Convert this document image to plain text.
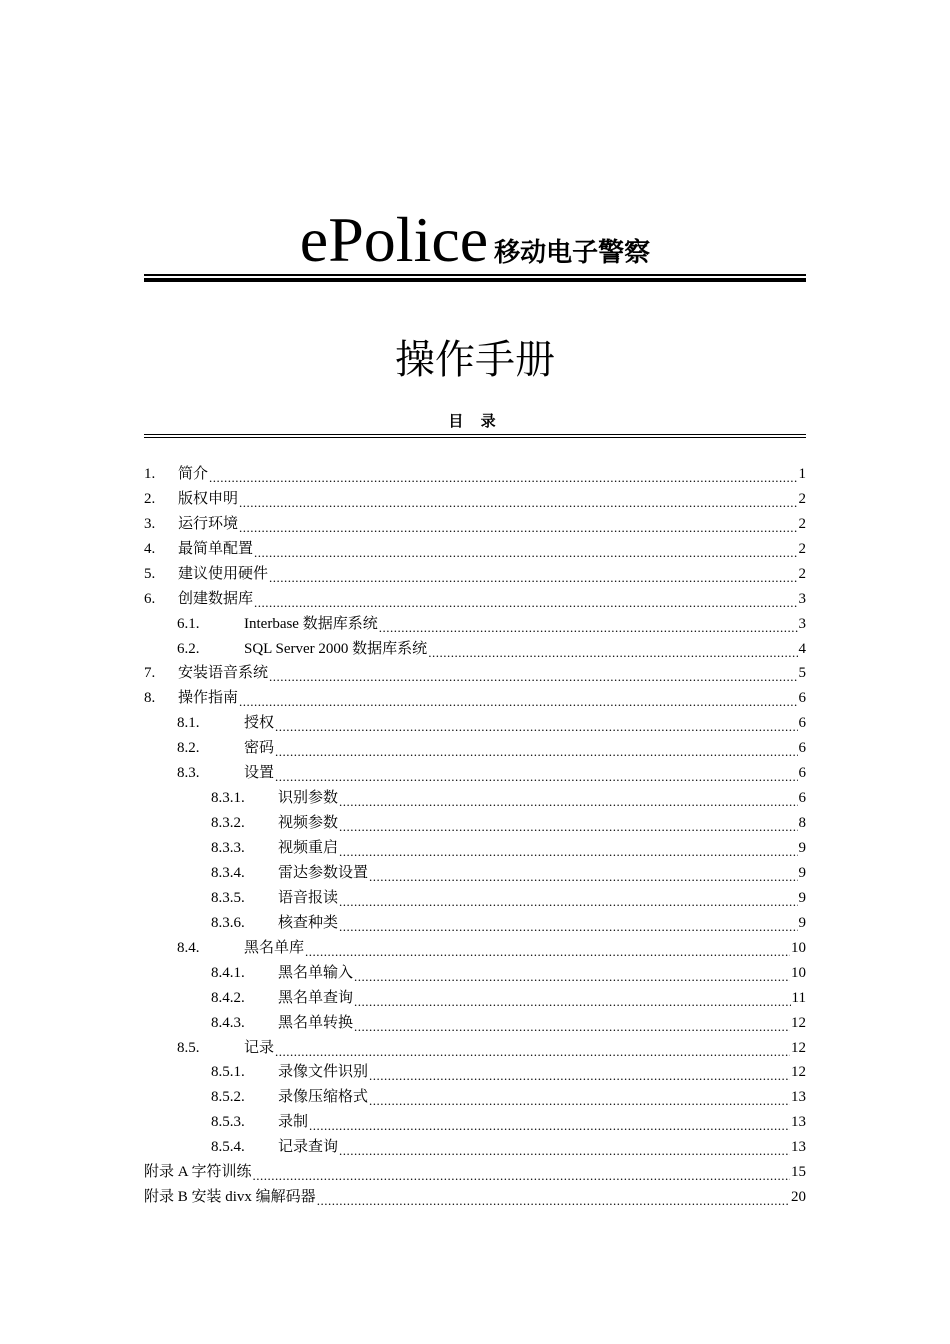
ePolice 移动电子警察
操作手册
目 录
1.	简介 .....	1
2.	版权申明 .....	2
3.	运行环境 .....	2
4.	最简单配置 .....	2
5.	建议使用硬件 .....	2
6.	创建数据库 .....	3
6.1.	Interbase 数据库系统 .....	3
6.2.	SQL Server 2000 数据库系统 .....	4
7.	安装语音系统 .....	5
8.	操作指南 .....	6
8.1.	授权 .....	6
8.2.	密码 .....	6
8.3.	设置 .....	6
8.3.1.	识别参数 .....	6
8.3.2.	视频参数 .....	8
8.3.3.	视频重启 .....	9
8.3.4.	雷达参数设置 .....	9
8.3.5.	语音报读 .....	9
8.3.6.	核查种类 .....	9
8.4.	黑名单库 .....	10
8.4.1.	黑名单输入 .....	10
8.4.2.	黑名单查询 .....	11
8.4.3.	黑名单转换 .....	12
8.5.	记录 .....	12
8.5.1.	录像文件识别 .....	12
8.5.2.	录像压缩格式 .....	13
8.5.3.	录制 .....	13
8.5.4.	记录查询 .....	13
附录 A 字符训练 .....	15
附录 B 安装 divx 编解码器 .....	20
